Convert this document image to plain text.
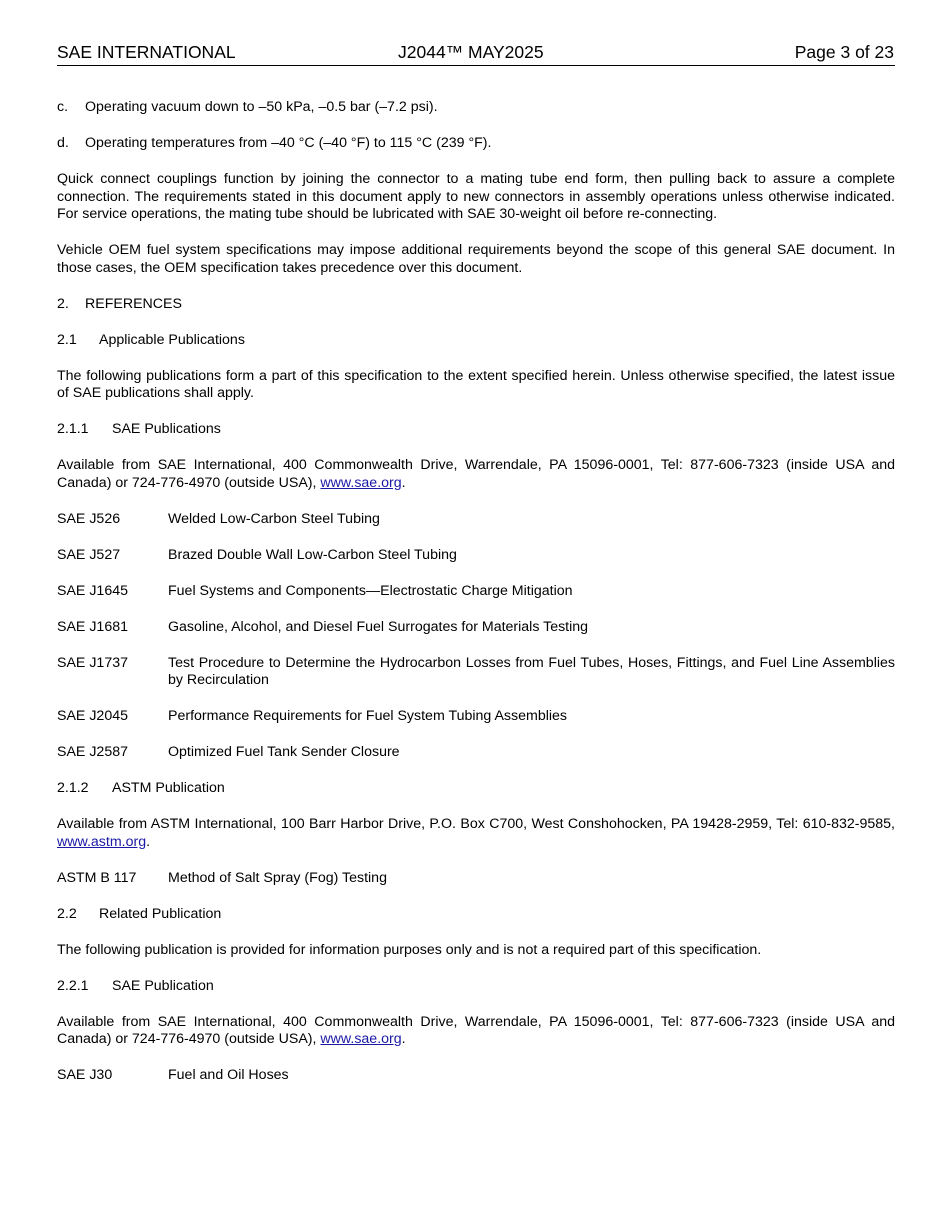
SAE INTERNATIONAL	J2044™ MAY2025	Page 3 of 23
c. Operating vacuum down to –50 kPa, –0.5 bar (–7.2 psi).
d. Operating temperatures from –40 °C (–40 °F) to 115 °C (239 °F).
Quick connect couplings function by joining the connector to a mating tube end form, then pulling back to assure a complete connection. The requirements stated in this document apply to new connectors in assembly operations unless otherwise indicated. For service operations, the mating tube should be lubricated with SAE 30-weight oil before re-connecting.
Vehicle OEM fuel system specifications may impose additional requirements beyond the scope of this general SAE document. In those cases, the OEM specification takes precedence over this document.
2. REFERENCES
2.1 Applicable Publications
The following publications form a part of this specification to the extent specified herein. Unless otherwise specified, the latest issue of SAE publications shall apply.
2.1.1 SAE Publications
Available from SAE International, 400 Commonwealth Drive, Warrendale, PA 15096-0001, Tel: 877-606-7323 (inside USA and Canada) or 724-776-4970 (outside USA), www.sae.org.
SAE J526	Welded Low-Carbon Steel Tubing
SAE J527	Brazed Double Wall Low-Carbon Steel Tubing
SAE J1645	Fuel Systems and Components—Electrostatic Charge Mitigation
SAE J1681	Gasoline, Alcohol, and Diesel Fuel Surrogates for Materials Testing
SAE J1737	Test Procedure to Determine the Hydrocarbon Losses from Fuel Tubes, Hoses, Fittings, and Fuel Line Assemblies by Recirculation
SAE J2045	Performance Requirements for Fuel System Tubing Assemblies
SAE J2587	Optimized Fuel Tank Sender Closure
2.1.2 ASTM Publication
Available from ASTM International, 100 Barr Harbor Drive, P.O. Box C700, West Conshohocken, PA 19428-2959, Tel: 610-832-9585, www.astm.org.
ASTM B 117 Method of Salt Spray (Fog) Testing
2.2 Related Publication
The following publication is provided for information purposes only and is not a required part of this specification.
2.2.1 SAE Publication
Available from SAE International, 400 Commonwealth Drive, Warrendale, PA 15096-0001, Tel: 877-606-7323 (inside USA and Canada) or 724-776-4970 (outside USA), www.sae.org.
SAE J30	Fuel and Oil Hoses
